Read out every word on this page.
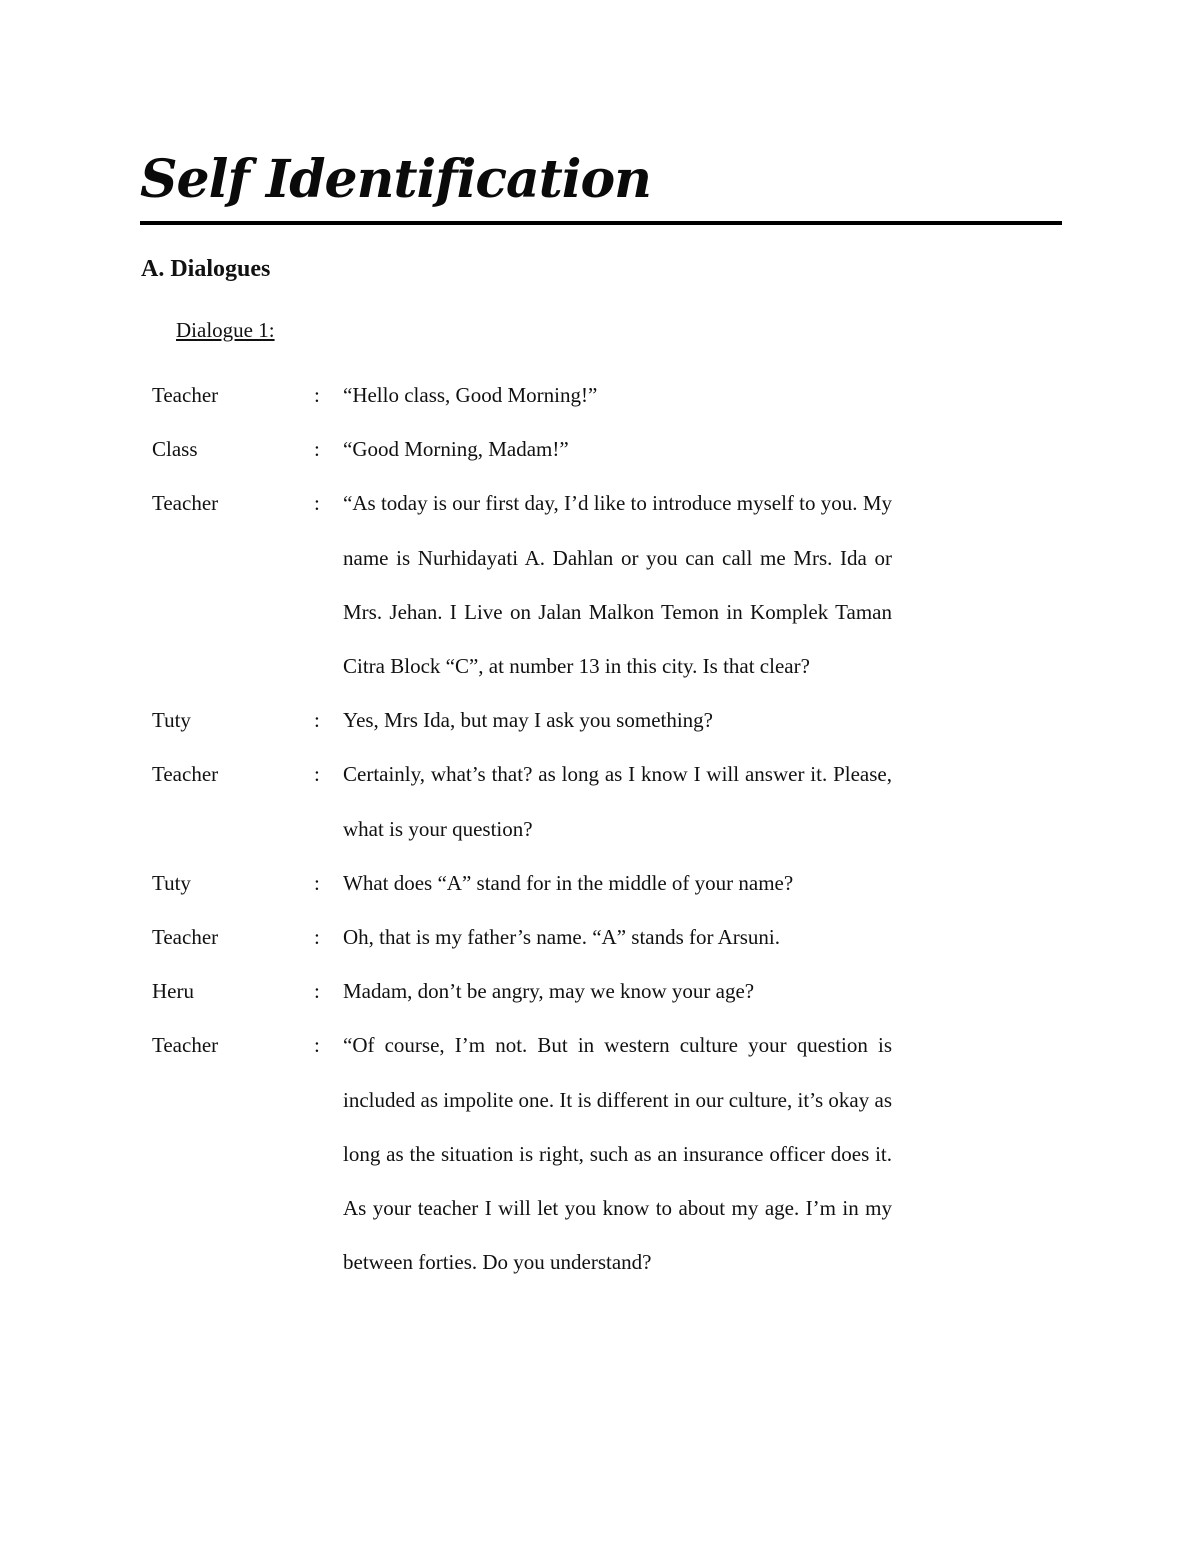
Self Identification
A. Dialogues
Dialogue 1:
Teacher	: “Hello class, Good Morning!”
Class	: “Good Morning, Madam!”
Teacher	: “As today is our first day, I’d like to introduce myself to you. My name is Nurhidayati A. Dahlan or you can call me Mrs. Ida or Mrs. Jehan. I Live on Jalan Malkon Temon in Komplek Taman Citra Block “C”, at number 13 in this city. Is that clear?
Tuty	: Yes, Mrs Ida, but may I ask you something?
Teacher	: Certainly, what’s that? as long as I know I will answer it. Please, what is your question?
Tuty	: What does “A” stand for in the middle of your name?
Teacher	: Oh, that is my father’s name. “A” stands for Arsuni.
Heru	: Madam, don’t be angry, may we know your age?
Teacher	: “Of course, I’m not. But in western culture your question is included as impolite one. It is different in our culture, it’s okay as long as the situation is right, such as an insurance officer does it. As your teacher I will let you know to about my age. I’m in my between forties. Do you understand?
